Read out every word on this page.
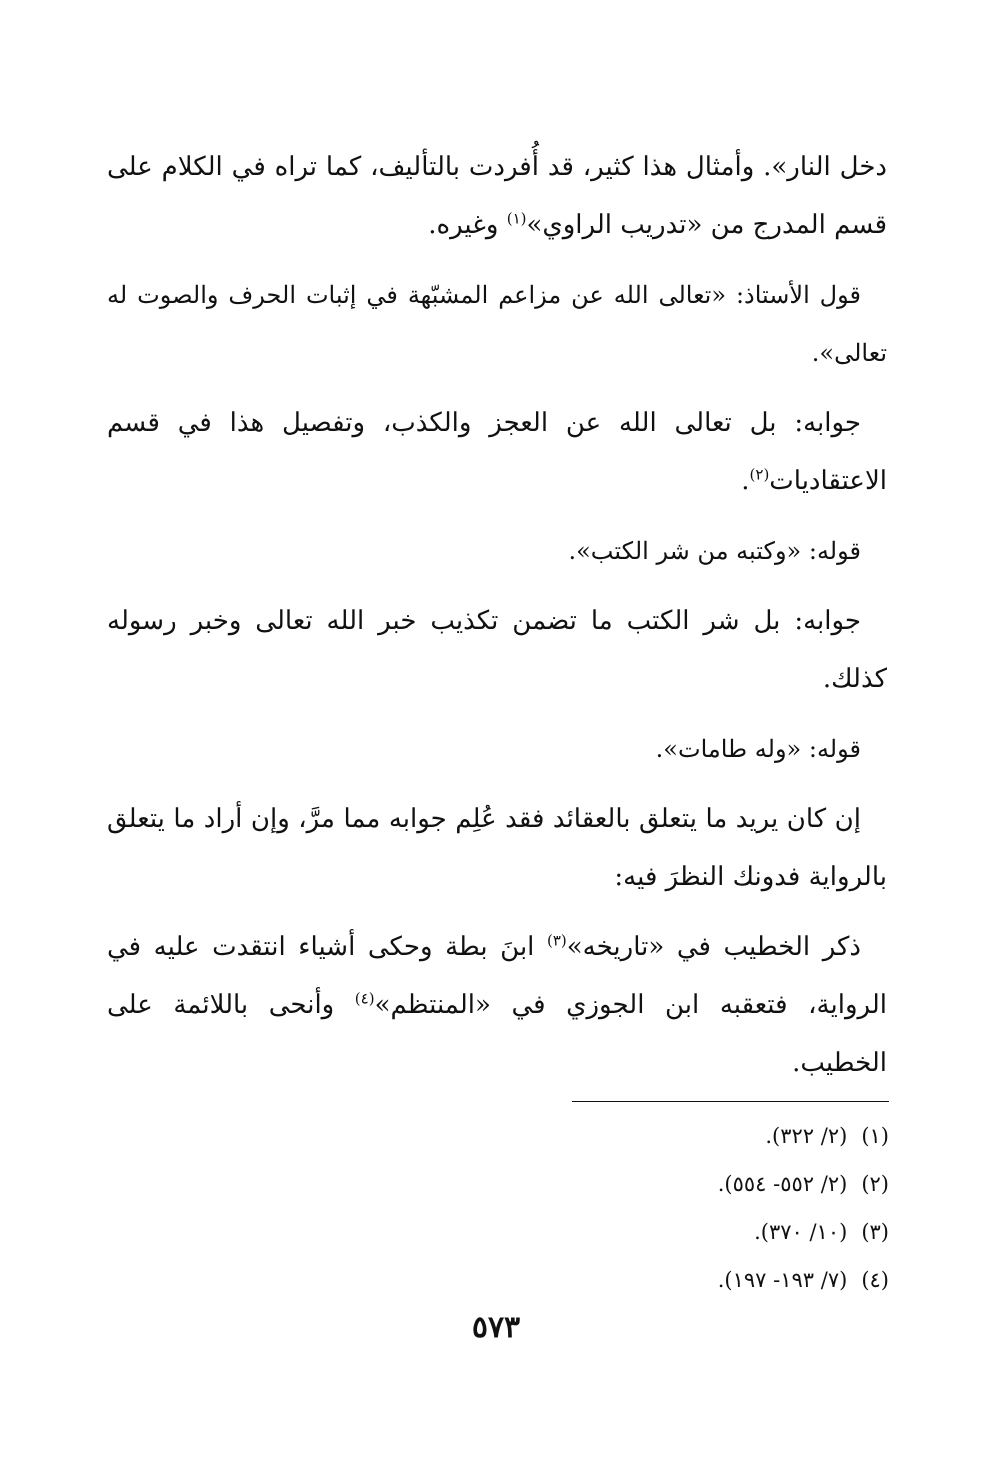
دخل النار». وأمثال هذا كثير، قد أُفردت بالتأليف، كما تراه في الكلام على قسم المدرج من «تدريب الراوي»$^{(١)}$ وغيره.

قول الأستاذ: «تعالى الله عن مزاعم المشبّهة في إثبات الحرف والصوت له تعالى».

جوابه: بل تعالى الله عن العجز والكذب، وتفصيل هذا في قسم الاعتقاديات$^{(٢)}$.

قوله: «وكتبه من شر الكتب».

جوابه: بل شر الكتب ما تضمن تكذيب خبر الله تعالى وخبر رسوله كذلك.

قوله: «وله طامات».

إن كان يريد ما يتعلق بالعقائد فقد عُلِم جوابه مما مرَّ، وإن أراد ما يتعلق بالرواية فدونك النظرَ فيه:

ذكر الخطيب في «تاريخه»$^{(٣)}$ ابنَ بطة وحكى أشياء انتقدت عليه في الرواية، فتعقبه ابن الجوزي في «المنتظم»$^{(٤)}$ وأنحى باللائمة على الخطيب.

(١)(٢/ ٣٢٢).
(٢)(٢/ ٥٥٢- ٥٥٤).
(٣)(١٠/ ٣٧٠).
(٤)(٧/ ١٩٣- ١٩٧).
٥٧٣
